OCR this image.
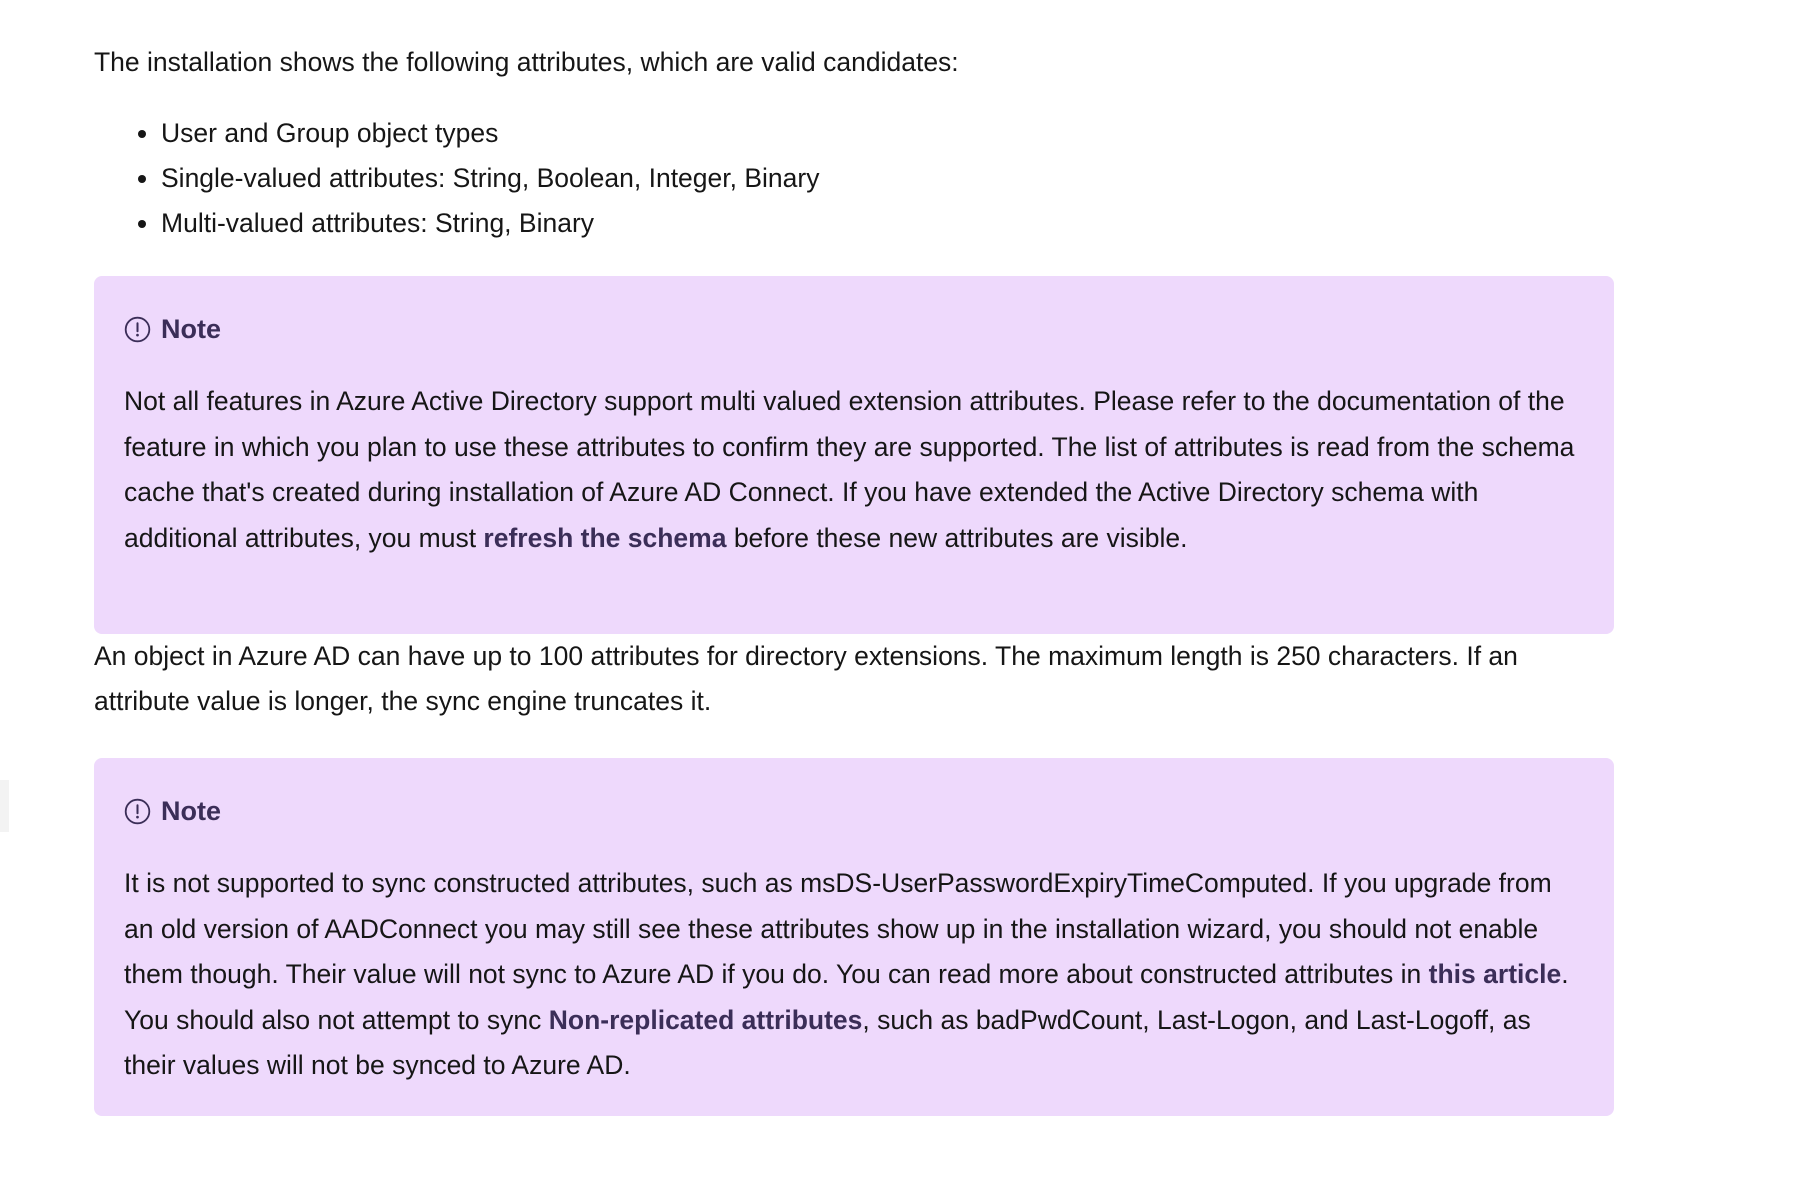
The installation shows the following attributes, which are valid candidates:

• User and Group object types
• Single-valued attributes: String, Boolean, Integer, Binary
• Multi-valued attributes: String, Binary
Note
Not all features in Azure Active Directory support multi valued extension attributes. Please refer to the documentation of the feature in which you plan to use these attributes to confirm they are supported. The list of attributes is read from the schema cache that's created during installation of Azure AD Connect. If you have extended the Active Directory schema with additional attributes, you must refresh the schema before these new attributes are visible.

An object in Azure AD can have up to 100 attributes for directory extensions. The maximum length is 250 characters. If an attribute value is longer, the sync engine truncates it.

Note
It is not supported to sync constructed attributes, such as msDS-UserPasswordExpiryTimeComputed. If you upgrade from an old version of AADConnect you may still see these attributes show up in the installation wizard, you should not enable them though. Their value will not sync to Azure AD if you do. You can read more about constructed attributes in this article. You should also not attempt to sync Non-replicated attributes, such as badPwdCount, Last-Logon, and Last-Logoff, as their values will not be synced to Azure AD.
